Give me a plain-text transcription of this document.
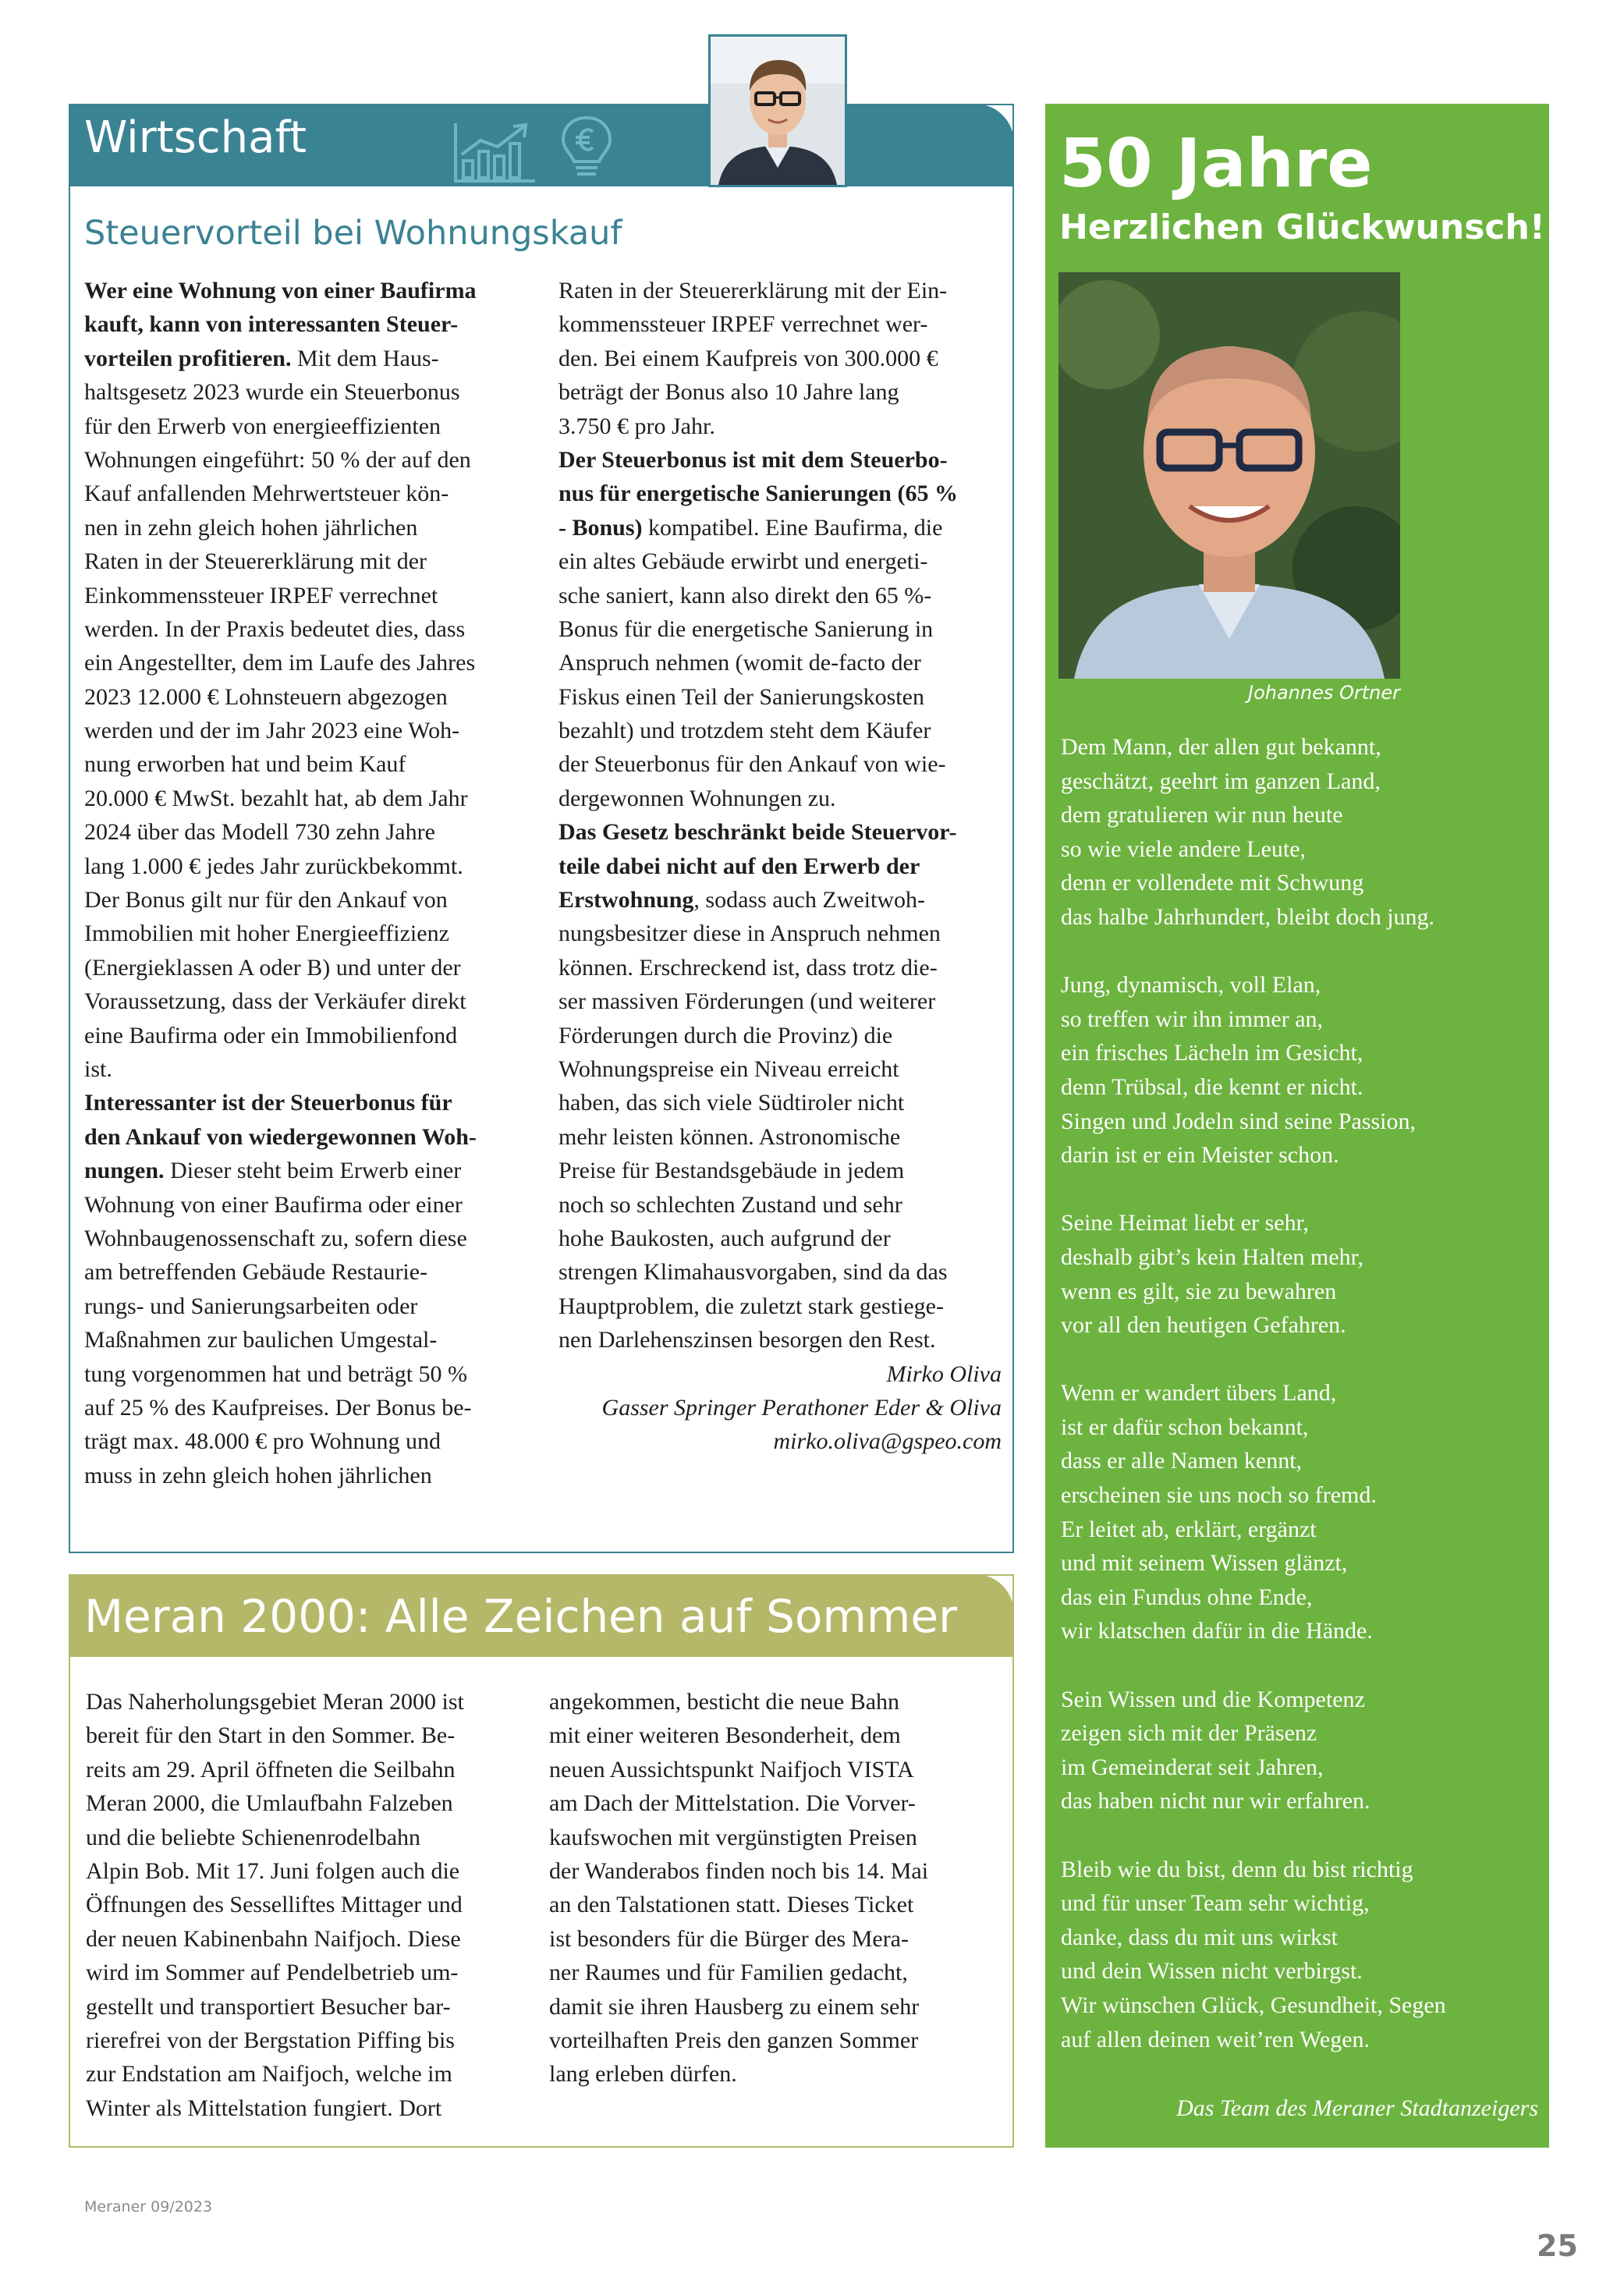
Wirtschaft
Steuervorteil bei Wohnungskauf
Wer eine Wohnung von einer Baufirma
kauft, kann von interessanten Steuer-
vorteilen profitieren. Mit dem Haus-
haltsgesetz 2023 wurde ein Steuerbonus
für den Erwerb von energieeffizienten
Wohnungen eingeführt: 50 % der auf den
Kauf anfallenden Mehrwertsteuer kön-
nen in zehn gleich hohen jährlichen
Raten in der Steuererklärung mit der
Einkommenssteuer IRPEF verrechnet
werden. In der Praxis bedeutet dies, dass
ein Angestellter, dem im Laufe des Jahres
2023 12.000 € Lohnsteuern abgezogen
werden und der im Jahr 2023 eine Woh-
nung erworben hat und beim Kauf
20.000 € MwSt. bezahlt hat, ab dem Jahr
2024 über das Modell 730 zehn Jahre
lang 1.000 € jedes Jahr zurückbekommt.
Der Bonus gilt nur für den Ankauf von
Immobilien mit hoher Energieeffizienz
(Energieklassen A oder B) und unter der
Voraussetzung, dass der Verkäufer direkt
eine Baufirma oder ein Immobilienfond
ist.
Interessanter ist der Steuerbonus für
den Ankauf von wiedergewonnen Woh-
nungen. Dieser steht beim Erwerb einer
Wohnung von einer Baufirma oder einer
Wohnbaugenossenschaft zu, sofern diese
am betreffenden Gebäude Restaurie-
rungs- und Sanierungsarbeiten oder
Maßnahmen zur baulichen Umgestal-
tung vorgenommen hat und beträgt 50 %
auf 25 % des Kaufpreises. Der Bonus be-
trägt max. 48.000 € pro Wohnung und
muss in zehn gleich hohen jährlichen
Raten in der Steuererklärung mit der Ein-
kommenssteuer IRPEF verrechnet wer-
den. Bei einem Kaufpreis von 300.000 €
beträgt der Bonus also 10 Jahre lang
3.750 € pro Jahr.
Der Steuerbonus ist mit dem Steuerbo-
nus für energetische Sanierungen (65 %
- Bonus) kompatibel. Eine Baufirma, die
ein altes Gebäude erwirbt und energeti-
sche saniert, kann also direkt den 65 %-
Bonus für die energetische Sanierung in
Anspruch nehmen (womit de-facto der
Fiskus einen Teil der Sanierungskosten
bezahlt) und trotzdem steht dem Käufer
der Steuerbonus für den Ankauf von wie-
dergewonnen Wohnungen zu.
Das Gesetz beschränkt beide Steuervor-
teile dabei nicht auf den Erwerb der
Erstwohnung, sodass auch Zweitwoh-
nungsbesitzer diese in Anspruch nehmen
können. Erschreckend ist, dass trotz die-
ser massiven Förderungen (und weiterer
Förderungen durch die Provinz) die
Wohnungspreise ein Niveau erreicht
haben, das sich viele Südtiroler nicht
mehr leisten können. Astronomische
Preise für Bestandsgebäude in jedem
noch so schlechten Zustand und sehr
hohe Baukosten, auch aufgrund der
strengen Klimahausvorgaben, sind da das
Hauptproblem, die zuletzt stark gestiege-
nen Darlehenszinsen besorgen den Rest.
Mirko Oliva
Gasser Springer Perathoner Eder & Oliva
mirko.oliva@gspeo.com
Meran 2000: Alle Zeichen auf Sommer
Das Naherholungsgebiet Meran 2000 ist
bereit für den Start in den Sommer. Be-
reits am 29. April öffneten die Seilbahn
Meran 2000, die Umlaufbahn Falzeben
und die beliebte Schienenrodelbahn
Alpin Bob. Mit 17. Juni folgen auch die
Öffnungen des Sesselliftes Mittager und
der neuen Kabinenbahn Naifjoch. Diese
wird im Sommer auf Pendelbetrieb um-
gestellt und transportiert Besucher bar-
rierefrei von der Bergstation Piffing bis
zur Endstation am Naifjoch, welche im
Winter als Mittelstation fungiert. Dort
angekommen, besticht die neue Bahn
mit einer weiteren Besonderheit, dem
neuen Aussichtspunkt Naifjoch VISTA
am Dach der Mittelstation. Die Vorver-
kaufswochen mit vergünstigten Preisen
der Wanderabos finden noch bis 14. Mai
an den Talstationen statt. Dieses Ticket
ist besonders für die Bürger des Mera-
ner Raumes und für Familien gedacht,
damit sie ihren Hausberg zu einem sehr
vorteilhaften Preis den ganzen Sommer
lang erleben dürfen.
50 Jahre
Herzlichen Glückwunsch!
Johannes Ortner
Dem Mann, der allen gut bekannt,
geschätzt, geehrt im ganzen Land,
dem gratulieren wir nun heute
so wie viele andere Leute,
denn er vollendete mit Schwung
das halbe Jahrhundert, bleibt doch jung.
Jung, dynamisch, voll Elan,
so treffen wir ihn immer an,
ein frisches Lächeln im Gesicht,
denn Trübsal, die kennt er nicht.
Singen und Jodeln sind seine Passion,
darin ist er ein Meister schon.
Seine Heimat liebt er sehr,
deshalb gibt’s kein Halten mehr,
wenn es gilt, sie zu bewahren
vor all den heutigen Gefahren.
Wenn er wandert übers Land,
ist er dafür schon bekannt,
dass er alle Namen kennt,
erscheinen sie uns noch so fremd.
Er leitet ab, erklärt, ergänzt
und mit seinem Wissen glänzt,
das ein Fundus ohne Ende,
wir klatschen dafür in die Hände.
Sein Wissen und die Kompetenz
zeigen sich mit der Präsenz
im Gemeinderat seit Jahren,
das haben nicht nur wir erfahren.
Bleib wie du bist, denn du bist richtig
und für unser Team sehr wichtig,
danke, dass du mit uns wirkst
und dein Wissen nicht verbirgst.
Wir wünschen Glück, Gesundheit, Segen
auf allen deinen weit’ren Wegen.
Das Team des Meraner Stadtanzeigers
Meraner 09/2023
25
